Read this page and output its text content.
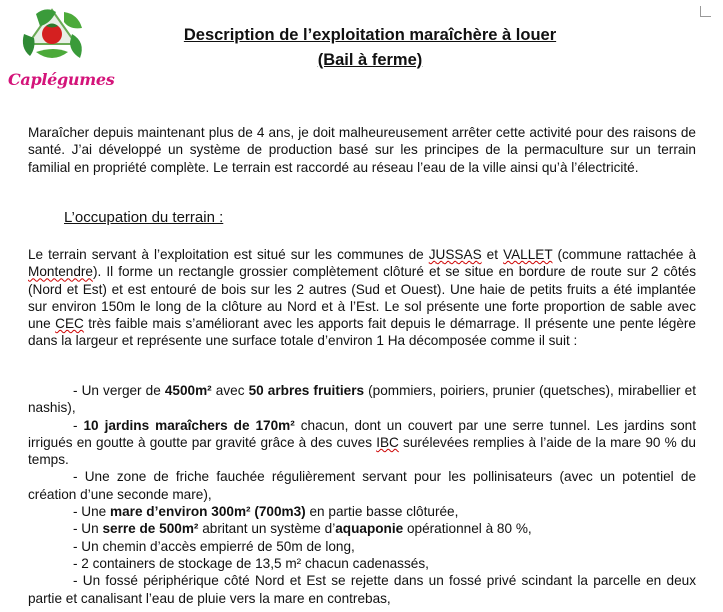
Caplégumes
Description de l’exploitation maraîchère à louer
(Bail à ferme)

Maraîcher depuis maintenant plus de 4 ans, je doit malheureusement arrêter cette activité pour des raisons de santé. J’ai développé un système de production basé sur les principes de la permaculture sur un terrain familial en propriété complète. Le terrain est raccordé au réseau l’eau de la ville ainsi qu’à l’électricité.

L’occupation du terrain :

Le terrain servant à l’exploitation est situé sur les communes de JUSSAS et VALLET (commune rattachée à Montendre). Il forme un rectangle grossier complètement clôturé et se situe en bordure de route sur 2 côtés (Nord et Est) et est entouré de bois sur les 2 autres (Sud et Ouest). Une haie de petits fruits a été implantée sur environ 150m le long de la clôture au Nord et à l’Est. Le sol présente une forte proportion de sable avec une CEC très faible mais s’améliorant avec les apports fait depuis le démarrage. Il présente une pente légère dans la largeur et représente une surface totale d’environ 1 Ha décomposée comme il suit :

- Un verger de 4500m² avec 50 arbres fruitiers (pommiers, poiriers, prunier (quetsches), mirabellier et nashis),

- 10 jardins maraîchers de 170m² chacun, dont un couvert par une serre tunnel. Les jardins sont irrigués en goutte à goutte par gravité grâce à des cuves IBC surélevées remplies à l’aide de la mare 90 % du temps.

- Une zone de friche fauchée régulièrement servant pour les pollinisateurs (avec un potentiel de création d’une seconde mare),

- Une mare d’environ 300m² (700m3) en partie basse clôturée,

- Un serre de 500m² abritant un système d’aquaponie opérationnel à 80 %,

- Un chemin d’accès empierré de 50m de long,

- 2 containers de stockage de 13,5 m² chacun cadenassés,

- Un fossé périphérique côté Nord et Est se rejette dans un fossé privé scindant la parcelle en deux partie et canalisant l’eau de pluie vers la mare en contrebas,
